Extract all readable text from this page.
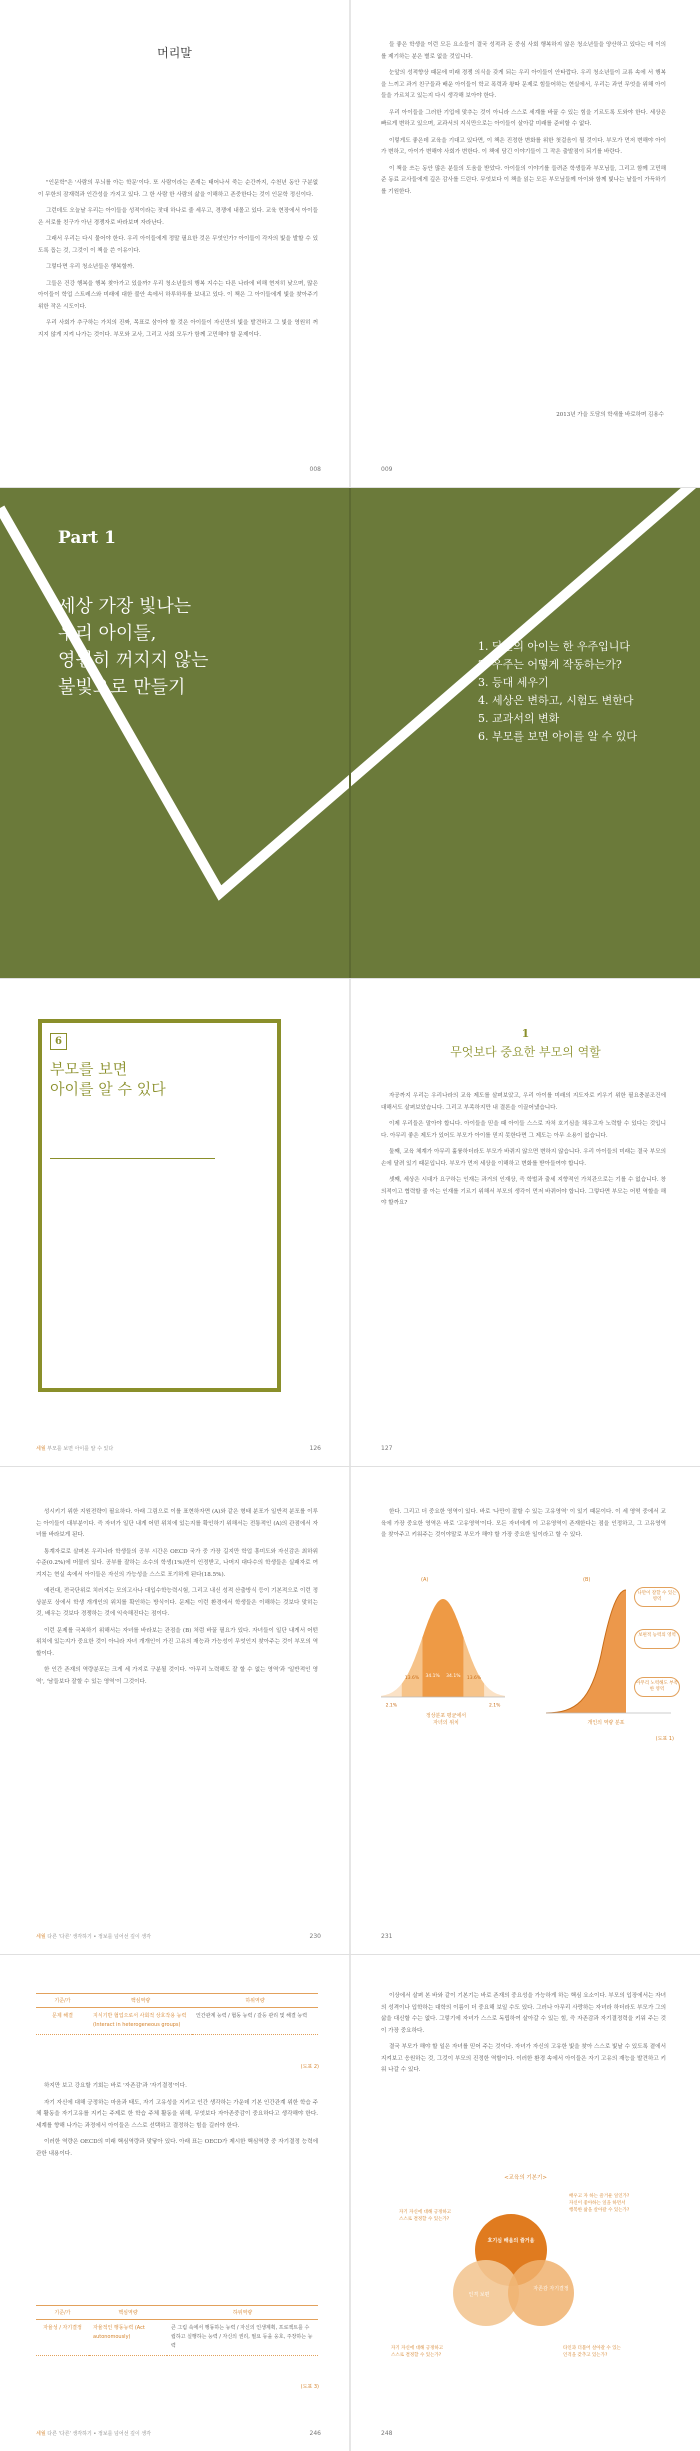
머리말

"인문학"은 '사람의 무늬를 아는 학문'이다. 또 사람이라는 존재는 태어나서 죽는 순간까지, 수천년 동안 구분없이 무한의 잠재력과 인간성을 가지고 있다. 그 한 사람 한 사람의 삶을 이해하고 존중한다는 것이 인문학 정신이다.

그런데도 오늘날 우리는 아이들을 성적이라는 잣대 하나로 줄 세우고, 경쟁에 내몰고 있다. 교육 현장에서 아이들은 서로를 친구가 아닌 경쟁자로 바라보며 자라난다.

그래서 우리는 다시 물어야 한다. 우리 아이들에게 정말 필요한 것은 무엇인가? 아이들이 각자의 빛을 발할 수 있도록 돕는 것, 그것이 이 책을 쓴 이유이다.

그렇다면 우리 청소년들은 행복할까.

그들은 건강 행복을 행복 찾아가고 있을까? 우리 청소년들의 행복 지수는 다른 나라에 비해 현저히 낮으며, 많은 아이들이 학업 스트레스와 미래에 대한 불안 속에서 하루하루를 보내고 있다. 이 책은 그 아이들에게 빛을 찾아주기 위한 작은 시도이다.

우리 사회가 추구하는 가치의 진짜, 목표로 삼아야 할 것은 아이들이 자신만의 빛을 발견하고 그 빛을 영원히 꺼지지 않게 지켜 나가는 것이다. 부모와 교사, 그리고 사회 모두가 함께 고민해야 할 문제이다.

008

들 좋은 학생을 이런 모든 요소들이 결국 성적과 돈 중심 사회 행복하지 않은 청소년들을 양산하고 있다는 데 이의를 제기하는 분은 별로 없을 것입니다.

눈앞의 성적향상 때문에 미래 경쟁 의식을 갖게 되는 우리 아이들이 안타깝다. 우리 청소년들이 교류 속에 서 행복을 느끼고 과거 친구들과 배운 아이들이 학교 폭력과 왕따 문제로 힘들어하는 현실에서, 우리는 과연 무엇을 위해 아이들을 가르치고 있는지 다시 생각해 보아야 한다.

우리 아이들을 그러한 기업에 맞추는 것이 아니라 스스로 세계를 바꿀 수 있는 힘을 기르도록 도와야 한다. 세상은 빠르게 변하고 있으며, 교과서의 지식만으로는 아이들이 살아갈 미래를 준비할 수 없다.

이렇게도 좋은데 교육을 기대고 있다면, 이 책은 진정한 변화를 위한 첫걸음이 될 것이다. 부모가 먼저 변해야 아이가 변하고, 아이가 변해야 사회가 변한다. 이 책에 담긴 이야기들이 그 작은 출발점이 되기를 바란다.

이 책을 쓰는 동안 많은 분들의 도움을 받았다. 아이들의 이야기를 들려준 학생들과 부모님들, 그리고 함께 고민해 준 동료 교사들에게 깊은 감사를 드린다. 무엇보다 이 책을 읽는 모든 부모님들께 아이와 함께 빛나는 날들이 가득하기를 기원한다.

2013년 가을 도담의 학새를 바로하며 김용수
009
Part 1
세상 가장 빛나는
우리 아이들,
영원히 꺼지지 않는
불빛으로 만들기
1. 당신의 아이는 한 우주입니다
2. 우주는 어떻게 작동하는가?
3. 등대 세우기
4. 세상은 변하고, 시험도 변한다
5. 교과서의 변화
6. 부모를 보면 아이를 알 수 있다
6
부모를 보면
아이를 알 수 있다
세월 부모를 보면 아이를 알 수 있다	126
1
무엇보다 중요한 부모의 역할

자공까지 우리는 우리나라의 교육 제도를 살펴보았고, 우리 아이를 미래의 지도자로 키우기 위한 필요충분조건에 대해서도 살펴보았습니다. 그리고 부족하지만 내 결론을 이끌어냈습니다.

이제 우리들은 말아야 합니다. 아이들을 믿을 때 아이들 스스로 자처 호기심을 채우고자 노력할 수 있다는 것입니다. 아무리 좋은 제도가 있어도 부모가 아이를 믿지 못한다면 그 제도는 아무 소용이 없습니다.

둘째, 교육 체계가 아무리 훌륭하더라도 부모가 바뀌지 않으면 변하지 않습니다. 우리 아이들의 미래는 결국 부모의 손에 달려 있기 때문입니다. 부모가 먼저 세상을 이해하고 변화를 받아들여야 합니다.

셋째, 세상은 시대가 요구하는 인재는 과거의 인재상, 즉 학벌과 출세 지향적인 가치관으로는 기를 수 없습니다. 창의적이고 협력할 줄 아는 인재를 기르기 위해서 부모의 생각이 먼저 바뀌어야 합니다. 그렇다면 부모는 어떤 역할을 해야 할까요?

127

성시키기 위한 지원전략이 필요하다. 아래 그림으로 이를 표현하자면 (A)와 같은 형태 분포가 일반적 분포를 이루는 아이들이 대부분이다. 즉 자녀가 일단 내게 어떤 위치에 있는지를 확인하기 위해서는 전통적인 (A)의 관점에서 자녀를 바라보게 된다.

통계자료로 살펴본 우리나라 학생들의 공부 시간은 OECD 국가 중 가장 길지만 학업 흥미도와 자신감은 최하위 수준(0.2%)에 머물러 있다. 공부를 잘하는 소수의 학생(1%)만이 인정받고, 나머지 대다수의 학생들은 실패자로 여겨지는 현실 속에서 아이들은 자신의 가능성을 스스로 포기하게 된다(18.5%).

예컨대, 전국단위로 치러지는 모의고사나 대입수학능력시험, 그리고 내신 성적 산출방식 등이 기본적으로 이런 정상분포 상에서 학생 개개인의 위치를 확인하는 방식이다. 문제는 이런 환경에서 학생들은 이해하는 것보다 맞히는 것, 배우는 것보다 경쟁하는 것에 익숙해진다는 점이다.

이런 문제를 극복하기 위해서는 자녀를 바라보는 관점을 (B) 처럼 바꿀 필요가 있다. 자녀들이 일단 내게서 어떤 위치에 있는지가 중요한 것이 아니라 자녀 개개인이 가진 고유의 재능과 가능성이 무엇인지 찾아주는 것이 부모의 역할이다.

한 인간 존재의 역량분포는 크게 세 가지로 구분될 것이다. '아무리 노력해도 잘 할 수 없는 영역'과 '일반적인 영역', '남들보다 잘할 수 있는 영역'이 그것이다.

세월 다른 '다른' 생각하기 • 정보를 넘어선 깊이 생각	230

한다. 그리고 더 중요한 영역이 있다. 바로 '나만이 잘할 수 있는 고유영역' 이 있기 때문이다. 이 세 영역 중에서 교육에 가장 중요한 영역은 바로 '고유영역'이다. 모든 자녀에게 이 고유영역이 존재한다는 점을 인정하고, 그 고유영역을 찾아주고 키워주는 것이야말로 부모가 해야 할 가장 중요한 일이라고 할 수 있다.

(A)
2.1%
13.6% 34.1% 34.1% 13.6%
2.1%
정상분포 평균에서
자녀의 위치
(B)
나만이 잘할 수 있는 영역
보편적 능력의 영역
아무리 노력해도 부족한 영역
개인의 역량 분포
(도표 1)
231
기준/가	핵심역량	하위역량
문제 해결	지식기반 협업으로서 사회적 상호작용 능력 (Interact in heterogeneous groups)	인간관계 능력 / 협동 능력 / 갈등 관리 및 해결 능력
(도표 2)

하지만 보고 강요할 기회는 바로 '자존감'과 '자기결정'이다.

자기 자신에 대해 긍정하는 마음과 태도, 자기 고유성을 지키고 인간 생각하는 가운데 기본 인간관계 위한 학습 주체 활동을 자기고유를 지키는 주제로 한 학습 주체 활동을 위해, 무엇보다 자아존중감이 중요하다고 생각해야 한다. 세계를 향해 나가는 과정에서 아이들은 스스로 선택하고 결정하는 힘을 길러야 한다.

이러한 역량은 OECD의 미래 핵심역량과 맞닿아 있다. 아래 표는 OECD가 제시한 핵심역량 중 자기결정 능력에 관한 내용이다.

기준/가	핵심역량	하위역량
자율성 / 자기결정	자율적인 행동능력 (Act autonomously)	큰 그림 속에서 행동하는 능력 / 자신의 인생계획, 프로젝트를 수립하고 실행하는 능력 / 자신의 권리, 필요 등을 옹호, 주장하는 능력
(도표 3)
세월 다른 '다른' 생각하기 • 정보를 넘어선 깊이 생각	246

이상에서 살펴 본 바와 같이 기본기는 바로 존재의 중요성을 가능하게 하는 핵심 요소이다. 부모의 입장에서는 자녀의 성격이나 입학하는 대학의 이름이 더 중요해 보일 수도 있다. 그러나 아무리 사랑하는 자녀라 하더라도 부모가 그의 삶을 대신할 수는 없다. 그렇기에 자녀가 스스로 독립하여 살아갈 수 있는 힘, 즉 자존감과 자기결정력을 키워 주는 것이 가장 중요하다.

결국 부모가 해야 할 일은 자녀를 믿어 주는 것이다. 자녀가 자신의 고유한 빛을 찾아 스스로 빛날 수 있도록 곁에서 지켜보고 응원하는 것, 그것이 부모의 진정한 역할이다. 이러한 환경 속에서 아이들은 자기 고유의 재능을 발견하고 키워 나갈 수 있다.

<교육의 기본기>
자기 자신에 대해 긍정하고
스스로 결정할 수 있는가?
배우고 자 하는 즐거운 일인가?
자신이 좋아하는 일을 하면서
행복한 삶을 살아갈 수 있는가?
호기심 배움의 즐거움
인격 보편
자존감 자기결정
자기 자신에 대해 긍정하고
스스로 결정할 수 있는가?
타인과 더불어 살아갈 수 있는
인격을 갖추고 있는가?
248
